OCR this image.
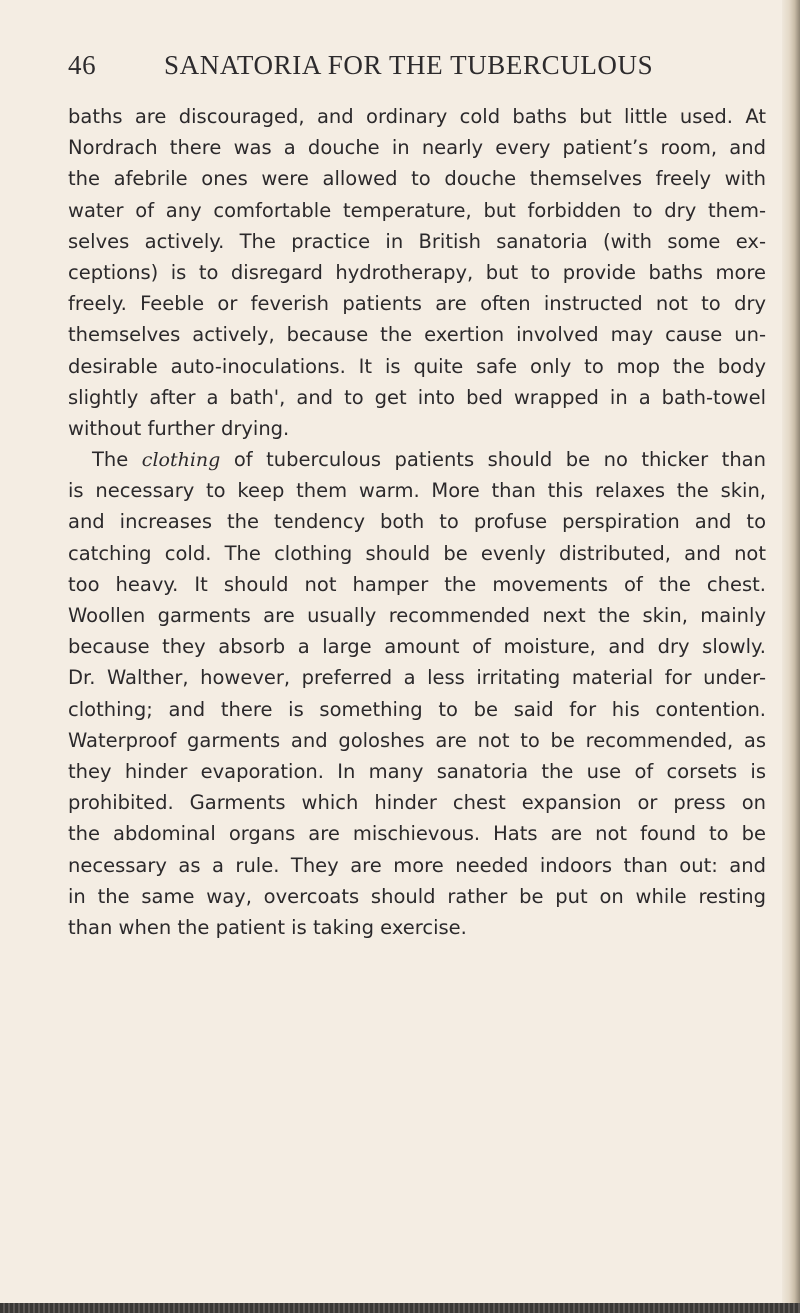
46	SANATORIA FOR THE TUBERCULOUS
baths are discouraged, and ordinary cold baths but little used. At
Nordrach there was a douche in nearly every patient’s room, and
the afebrile ones were allowed to douche themselves freely with
water of any comfortable temperature, but forbidden to dry them-
selves actively. The practice in British sanatoria (with some ex-
ceptions) is to disregard hydrotherapy, but to provide baths more
freely. Feeble or feverish patients are often instructed not to dry
themselves actively, because the exertion involved may cause un-
desirable auto-inoculations. It is quite safe only to mop the body
slightly after a bath', and to get into bed wrapped in a bath-towel
without further drying.
The clothing of tuberculous patients should be no thicker than
is necessary to keep them warm. More than this relaxes the skin,
and increases the tendency both to profuse perspiration and to
catching cold. The clothing should be evenly distributed, and not
too heavy. It should not hamper the movements of the chest.
Woollen garments are usually recommended next the skin, mainly
because they absorb a large amount of moisture, and dry slowly.
Dr. Walther, however, preferred a less irritating material for under-
clothing; and there is something to be said for his contention.
Waterproof garments and goloshes are not to be recommended, as
they hinder evaporation. In many sanatoria the use of corsets is
prohibited. Garments which hinder chest expansion or press on
the abdominal organs are mischievous. Hats are not found to be
necessary as a rule. They are more needed indoors than out: and
in the same way, overcoats should rather be put on while resting
than when the patient is taking exercise.
